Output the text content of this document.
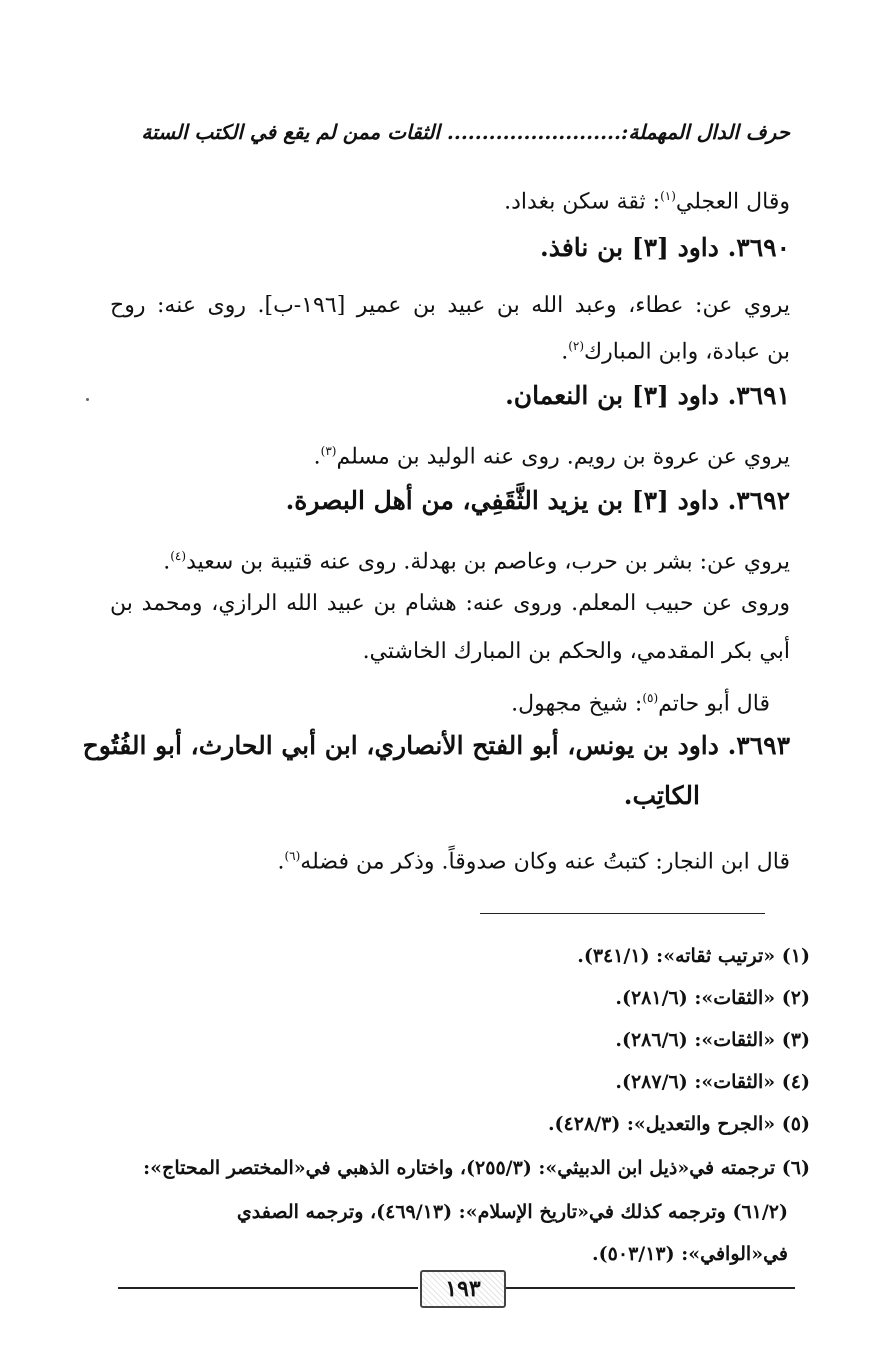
حرف الدال المهملة:......................... الثقات ممن لم يقع في الكتب الستة
وقال العجلي$^{(١)}$: ثقة سكن بغداد.
٣٦٩٠. داود [٣] بن نافذ.
يروي عن: عطاء، وعبد الله بن عبيد بن عمير [١٩٦-ب]. روى عنه: روح
بن عبادة، وابن المبارك$^{(٢)}$.
٣٦٩١. داود [٣] بن النعمان.
يروي عن عروة بن رويم. روى عنه الوليد بن مسلم$^{(٣)}$.
٣٦٩٢. داود [٣] بن يزيد الثَّقَفِي، من أهل البصرة.
يروي عن: بشر بن حرب، وعاصم بن بهدلة. روى عنه قتيبة بن سعيد$^{(٤)}$.
وروى عن حبيب المعلم. وروى عنه: هشام بن عبيد الله الرازي، ومحمد بن
أبي بكر المقدمي، والحكم بن المبارك الخاشتي.
قال أبو حاتم$^{(٥)}$: شيخ مجهول.
٣٦٩٣. داود بن يونس، أبو الفتح الأنصاري، ابن أبي الحارث، أبو الفُتُوح
الكاتِب.
قال ابن النجار: كتبتُ عنه وكان صدوقاً. وذكر من فضله$^{(٦)}$.
(١) «ترتيب ثقاته»: (٣٤١/١).
(٢) «الثقات»: (٢٨١/٦).
(٣) «الثقات»: (٢٨٦/٦).
(٤) «الثقات»: (٢٨٧/٦).
(٥) «الجرح والتعديل»: (٤٢٨/٣).
(٦) ترجمته في«ذيل ابن الدبيثي»: (٢٥٥/٣)، واختاره الذهبي في«المختصر المحتاج»:
(٦١/٢) وترجمه كذلك في«تاريخ الإسلام»: (٤٦٩/١٣)، وترجمه الصفدي
في«الوافي»: (٥٠٣/١٣).
١٩٣
